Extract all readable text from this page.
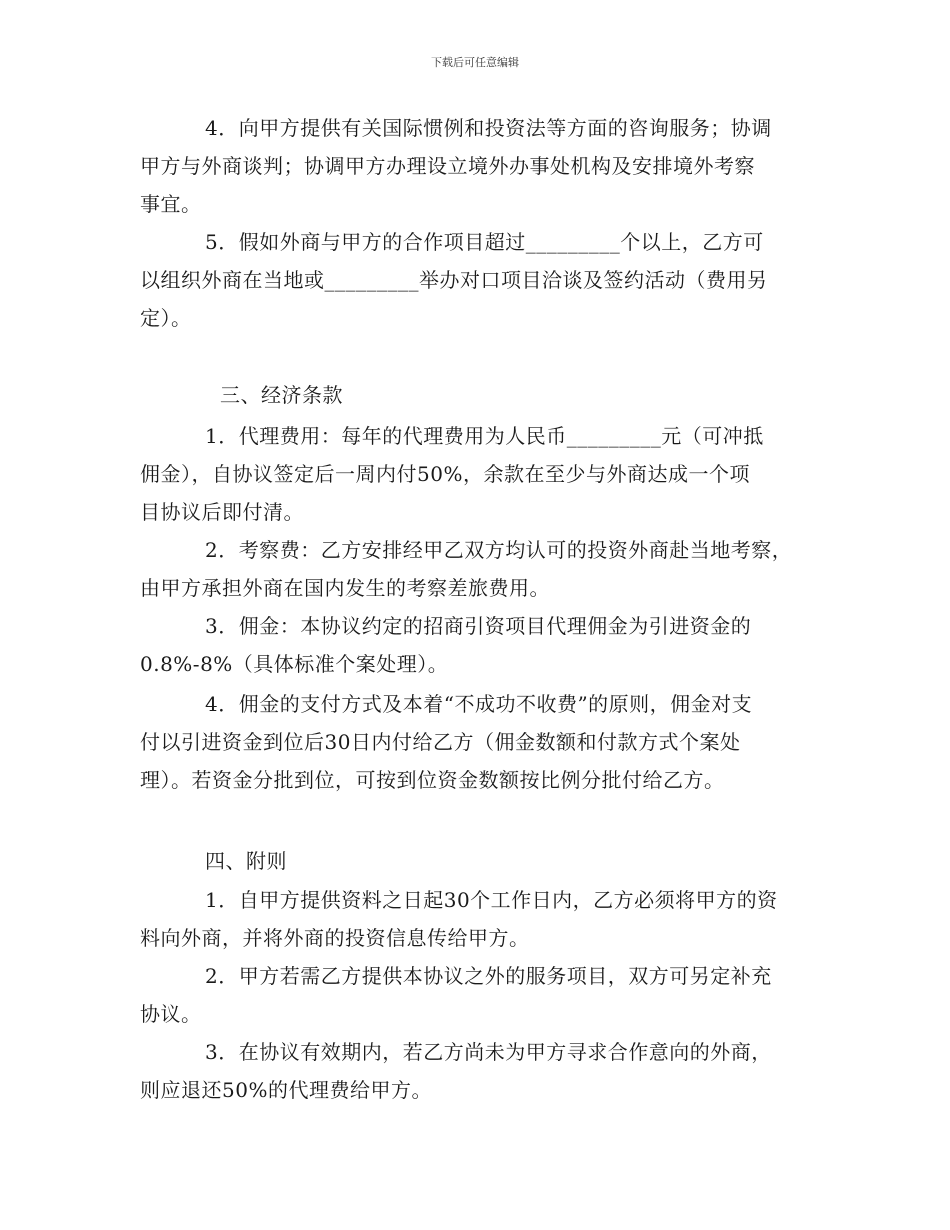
下载后可任意编辑
4．向甲方提供有关国际惯例和投资法等方面的咨询服务；协调
甲方与外商谈判；协调甲方办理设立境外办事处机构及安排境外考察
事宜。
5．假如外商与甲方的合作项目超过_________个以上，乙方可
以组织外商在当地或_________举办对口项目洽谈及签约活动（费用另
定）。
三、经济条款
1．代理费用：每年的代理费用为人民币_________元（可冲抵
佣金），自协议签定后一周内付50%，余款在至少与外商达成一个项
目协议后即付清。
2．考察费：乙方安排经甲乙双方均认可的投资外商赴当地考察，
由甲方承担外商在国内发生的考察差旅费用。
3．佣金：本协议约定的招商引资项目代理佣金为引进资金的
0.8%-8%（具体标准个案处理）。
4．佣金的支付方式及本着“不成功不收费”的原则，佣金对支
付以引进资金到位后30日内付给乙方（佣金数额和付款方式个案处
理）。若资金分批到位，可按到位资金数额按比例分批付给乙方。
四、附则
1．自甲方提供资料之日起30个工作日内，乙方必须将甲方的资
料向外商，并将外商的投资信息传给甲方。
2．甲方若需乙方提供本协议之外的服务项目，双方可另定补充
协议。
3．在协议有效期内，若乙方尚未为甲方寻求合作意向的外商，
则应退还50%的代理费给甲方。
